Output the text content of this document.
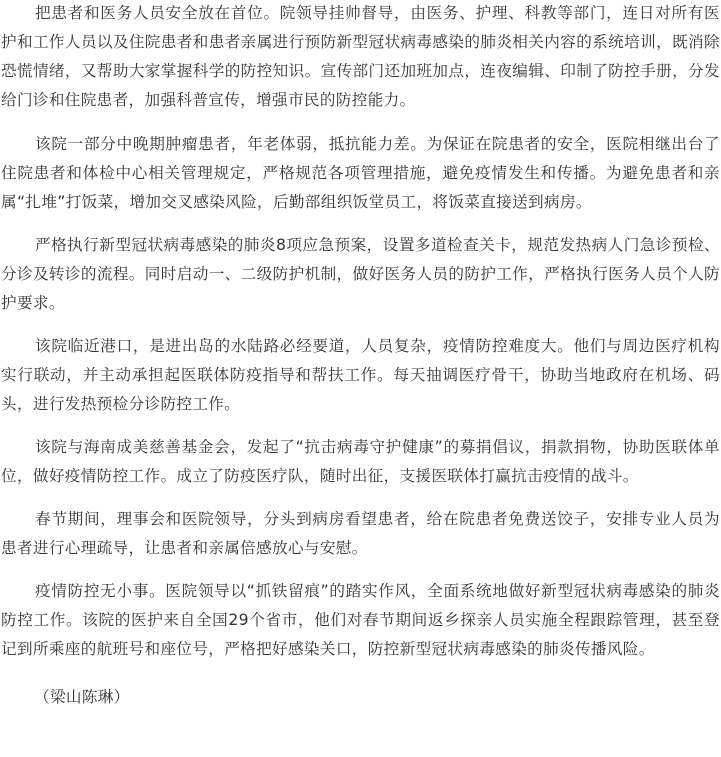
把患者和医务人员安全放在首位。院领导挂帅督导，由医务、护理、科教等部门，连日对所有医护和工作人员以及住院患者和患者亲属进行预防新型冠状病毒感染的肺炎相关内容的系统培训，既消除恐慌情绪，又帮助大家掌握科学的防控知识。宣传部门还加班加点，连夜编辑、印制了防控手册，分发给门诊和住院患者，加强科普宣传，增强市民的防控能力。

该院一部分中晚期肿瘤患者，年老体弱，抵抗能力差。为保证在院患者的安全，医院相继出台了住院患者和体检中心相关管理规定，严格规范各项管理措施，避免疫情发生和传播。为避免患者和亲属“扎堆”打饭菜，增加交叉感染风险，后勤部组织饭堂员工，将饭菜直接送到病房。

严格执行新型冠状病毒感染的肺炎8项应急预案，设置多道检查关卡，规范发热病人门急诊预检、分诊及转诊的流程。同时启动一、二级防护机制，做好医务人员的防护工作，严格执行医务人员个人防护要求。

该院临近港口，是进出岛的水陆路必经要道，人员复杂，疫情防控难度大。他们与周边医疗机构实行联动，并主动承担起医联体防疫指导和帮扶工作。每天抽调医疗骨干，协助当地政府在机场、码头，进行发热预检分诊防控工作。

该院与海南成美慈善基金会，发起了“抗击病毒守护健康”的募捐倡议，捐款捐物，协助医联体单位，做好疫情防控工作。成立了防疫医疗队，随时出征，支援医联体打赢抗击疫情的战斗。

春节期间，理事会和医院领导，分头到病房看望患者，给在院患者免费送饺子，安排专业人员为患者进行心理疏导，让患者和亲属倍感放心与安慰。

疫情防控无小事。医院领导以“抓铁留痕”的踏实作风，全面系统地做好新型冠状病毒感染的肺炎防控工作。该院的医护来自全国29个省市，他们对春节期间返乡探亲人员实施全程跟踪管理，甚至登记到所乘座的航班号和座位号，严格把好感染关口，防控新型冠状病毒感染的肺炎传播风险。

（梁山陈琳）
